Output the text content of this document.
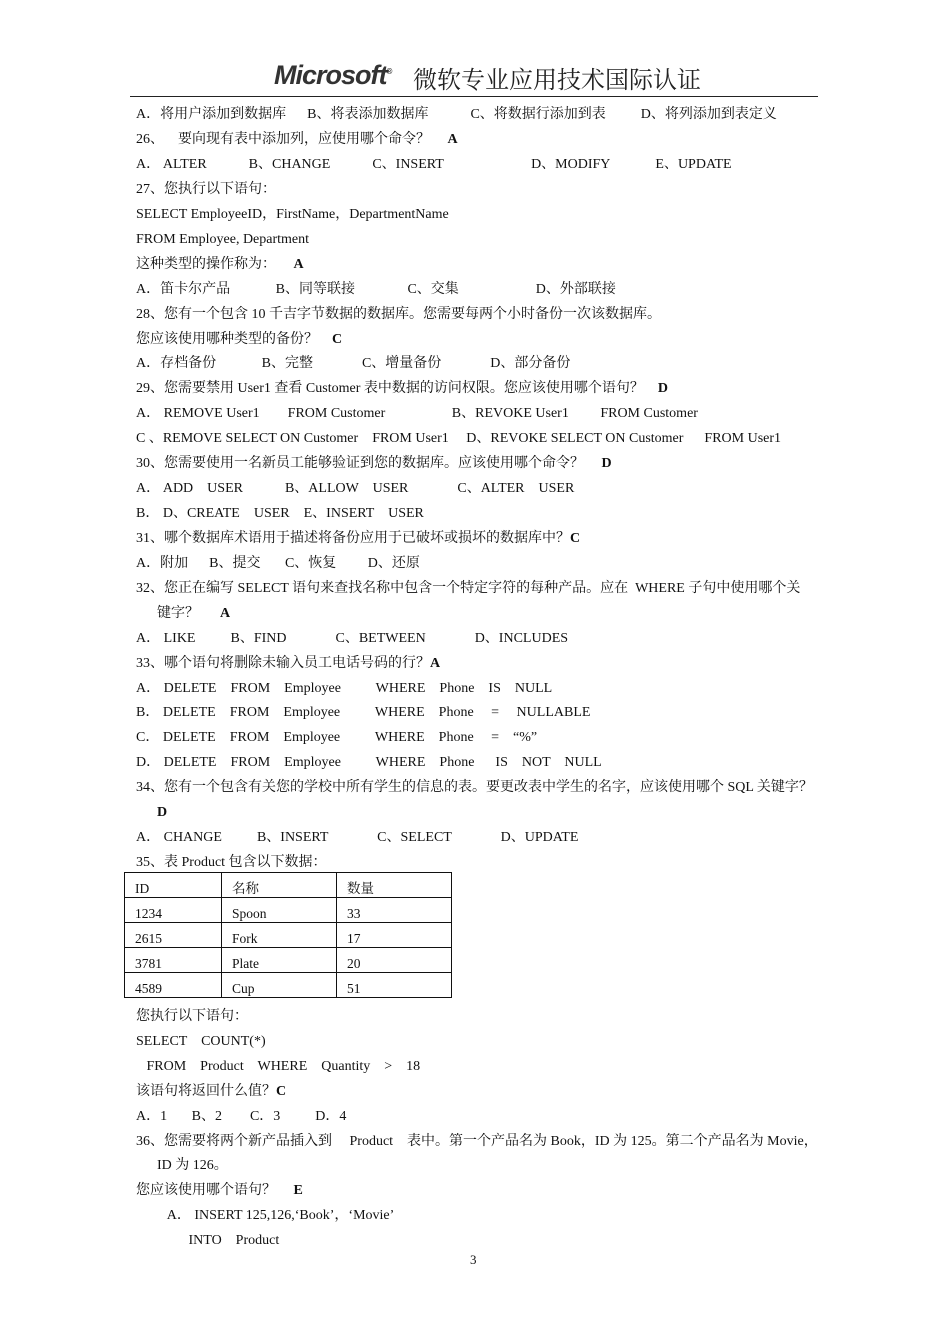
Microsoft® 微软专业应用技术国际认证
A．将用户添加到数据库      B、将表添加数据库            C、将数据行添加到表          D、将列添加到表定义
26、    要向现有表中添加列，应使用哪个命令？     A
A． ALTER            B、CHANGE            C、INSERT                         D、MODIFY             E、UPDATE
27、您执行以下语句：
SELECT EmployeeID，FirstName，DepartmentName
FROM Employee, Department
这种类型的操作称为：     A
A．笛卡尔产品             B、同等联接               C、交集                      D、外部联接
28、您有一个包含 10 千吉字节数据的数据库。您需要每两个小时备份一次该数据库。
您应该使用哪种类型的备份？    C
A．存档备份             B、完整              C、增量备份              D、部分备份
29、您需要禁用 User1 查看 Customer 表中数据的访问权限。您应该使用哪个语句？    D
A． REMOVE User1        FROM Customer                   B、REVOKE User1         FROM Customer
C 、REMOVE SELECT ON Customer    FROM User1     D、REVOKE SELECT ON Customer      FROM User1
30、您需要使用一名新员工能够验证到您的数据库。应该使用哪个命令？     D
A． ADD    USER            B、ALLOW    USER              C、ALTER    USER
B． D、CREATE    USER    E、INSERT    USER
31、哪个数据库术语用于描述将备份应用于已破坏或损坏的数据库中？C
A．附加      B、提交       C、恢复         D、还原
32、您正在编写 SELECT 语句来查找名称中包含一个特定字符的每种产品。应在  WHERE 子句中使用哪个关
键字？      A
A． LIKE          B、FIND              C、BETWEEN              D、INCLUDES
33、哪个语句将删除未输入员工电话号码的行？A
A． DELETE    FROM    Employee          WHERE    Phone    IS    NULL
B． DELETE    FROM    Employee          WHERE    Phone     =     NULLABLE
C． DELETE    FROM    Employee          WHERE    Phone     =    “%”
D． DELETE    FROM    Employee          WHERE    Phone      IS    NOT    NULL
34、您有一个包含有关您的学校中所有学生的信息的表。要更改表中学生的名字，应该使用哪个 SQL 关键字？
D
A． CHANGE          B、INSERT              C、SELECT              D、UPDATE
35、表 Product 包含以下数据：
您执行以下语句：
SELECT    COUNT(*)
FROM    Product    WHERE    Quantity    >    18
该语句将返回什么值？C
A．1       B、2        C．3          D．4
36、您需要将两个新产品插入到     Product    表中。第一个产品名为 Book，ID 为 125。第二个产品名为 Movie，
ID 为 126。
您应该使用哪个语句？     E
A． INSERT 125,126,‘Book’，‘Movie’
INTO    Product
ID	名称	数量
1234	Spoon	33
2615	Fork	17
3781	Plate	20
4589	Cup	51
3
